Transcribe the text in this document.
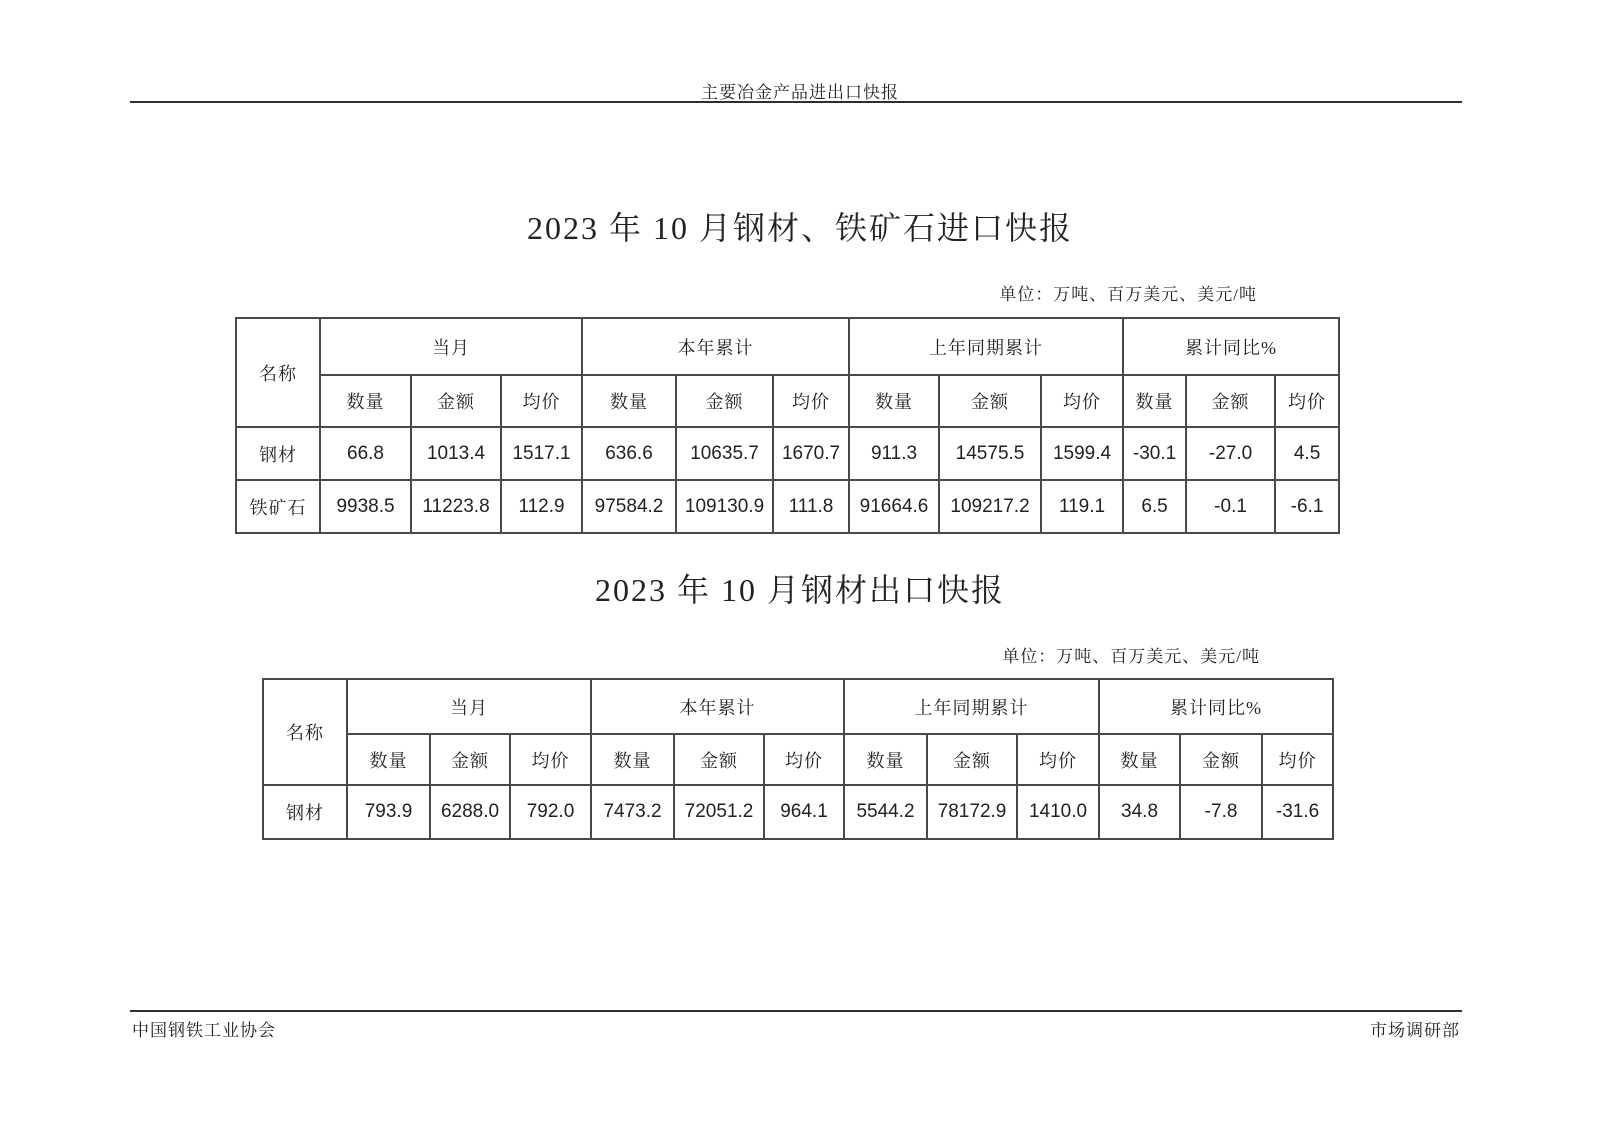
主要冶金产品进出口快报
2023 年 10 月钢材、铁矿石进口快报
单位：万吨、百万美元、美元/吨
名称	当月			本年累计			上年同期累计			累计同比%		
	数量	金额	均价	数量	金额	均价	数量	金额	均价	数量	金额	均价
钢材	66.8	1013.4	1517.1	636.6	10635.7	1670.7	911.3	14575.5	1599.4	-30.1	-27.0	4.5
铁矿石	9938.5	11223.8	112.9	97584.2	109130.9	111.8	91664.6	109217.2	119.1	6.5	-0.1	-6.1
2023 年 10 月钢材出口快报
单位：万吨、百万美元、美元/吨
名称	当月			本年累计			上年同期累计			累计同比%		
	数量	金额	均价	数量	金额	均价	数量	金额	均价	数量	金额	均价
钢材	793.9	6288.0	792.0	7473.2	72051.2	964.1	5544.2	78172.9	1410.0	34.8	-7.8	-31.6
中国钢铁工业协会	市场调研部
